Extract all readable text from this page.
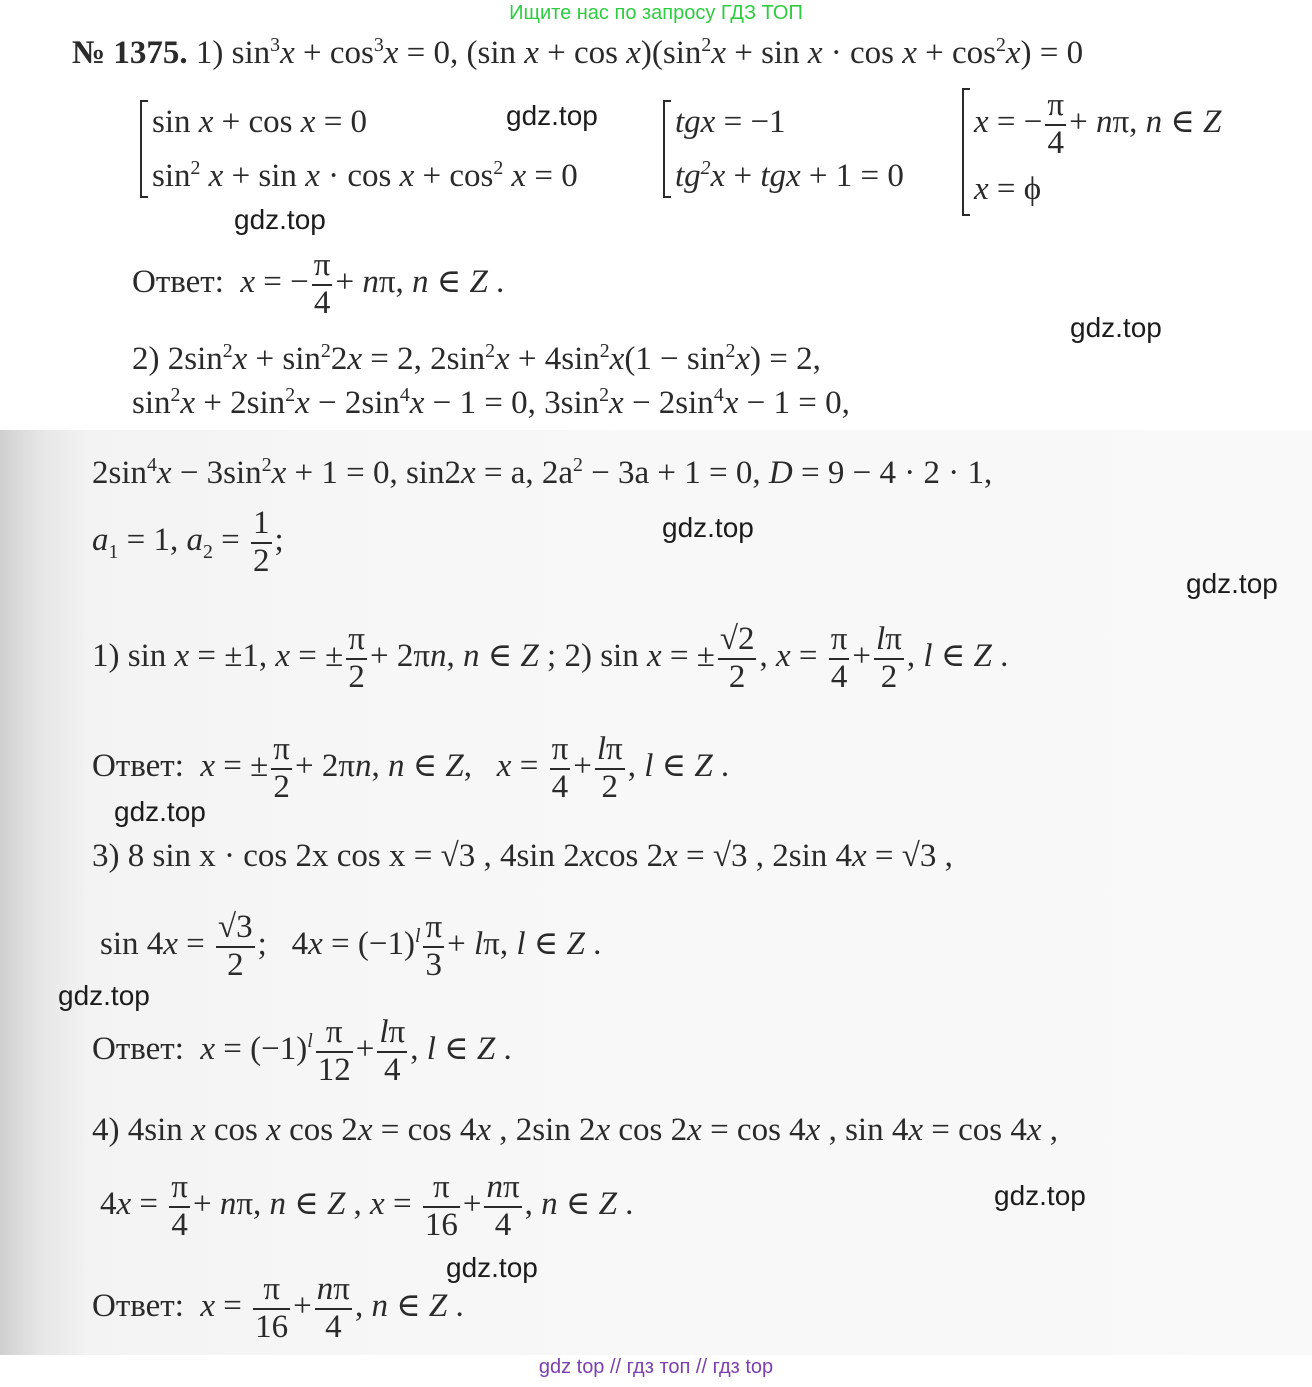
Ищите нас по запросу ГДЗ ТОП
№ 1375. 1) $\sin^3x + \cos^3x = 0$, (sin $x + \cos x)(\sin^2x + \sin x \cdot \cos x + \cos^2x) = 0$
sin x + cos x = 0
$\sin^2 x + \sin x \cdot \cos x + \cos^2 x = 0$
tgx = −1
$tg^2x$ + tgx + 1 = 0
x = − $\frac{\pi}{4} + n\pi$, n ∈ Z
x = ϕ
Ответ: x = − $\frac{\pi}{4} + n\pi$, n ∈ Z .
2) $2\sin^2x + \sin^22x = 2$, $2\sin^2x + 4\sin^2x(1 - \sin^2x) = 2$,
$\sin^2x + 2\sin^2x - 2\sin^4x - 1 = 0$, $3\sin^2x - 2\sin^4x - 1 = 0$,
$2\sin^4x - 3\sin^2x + 1 = 0$, sin2x = a, $2a^2 - 3a + 1 = 0$, D = 9 − 4 · 2 · 1,
$a_1 = 1$, $a_2 = \frac{1}{2}$ ;
1) sin x = ±1, x = ± $\frac{\pi}{2} + 2\pi n$, n ∈ Z ; 2) sin x = ± $\frac{√2}{2}$ , $x = \frac{\pi}{4} + \frac{l\pi}{2}$ , l ∈ Z .
Ответ: x = ± $\frac{\pi}{2} + 2\pi n$, n ∈ Z,   $x = \frac{\pi}{4} + \frac{l\pi}{2}$ , l ∈ Z .
3) 8 sin x · cos 2x cos x = √3 , 4sin 2xcos 2x = √3 , 2sin 4x = √3 ,
$\sin 4x = \frac{√3}{2}$ ;   $4x = (-1)^l \frac{\pi}{3} + l\pi$, l ∈ Z .
Ответ: $x = (-1)^l \frac{\pi}{12} + \frac{l\pi}{4}$ , l ∈ Z .
4) 4sin x cos x cos 2x = cos 4x , 2sin 2x cos 2x = cos 4x , sin 4x = cos 4x ,
$4x = \frac{\pi}{4} + n\pi$, n ∈ Z , $x = \frac{\pi}{16} + \frac{n\pi}{4}$ , n ∈ Z .
Ответ: $x = \frac{\pi}{16} + \frac{n\pi}{4}$ , n ∈ Z .
gdz.top
gdz.top
gdz.top
gdz.top
gdz.top
gdz.top
gdz.top
gdz.top
gdz.top
gdz top // гдз топ // гдз top
